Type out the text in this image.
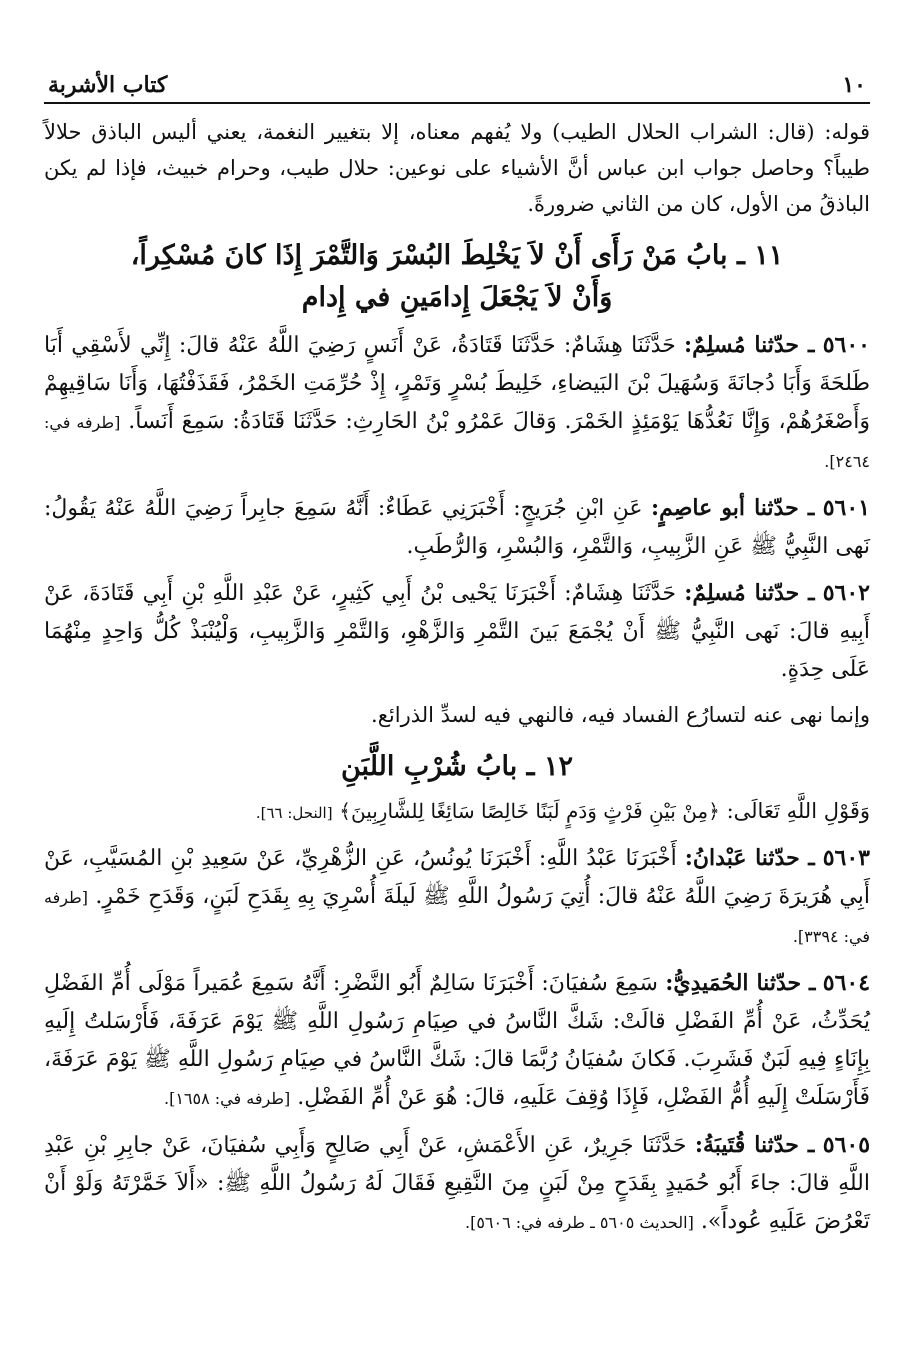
١٠
كتاب الأشربة

قوله: (قال: الشراب الحلال الطيب) ولا يُفهم معناه، إلا بتغيير النغمة، يعني أليس الباذق حلالاً طيباً؟ وحاصل جواب ابن عباس أنَّ الأشياء على نوعين: حلال طيب، وحرام خبيث، فإذا لم يكن الباذقُ من الأول، كان من الثاني ضرورةً.

١١ ـ بابُ مَنْ رَأَى أَنْ لاَ يَخْلِطَ البُسْرَ وَالتَّمْرَ إِذَا كانَ مُسْكِراً،
وَأَنْ لاَ يَجْعَلَ إِدامَينِ في إِدام

٥٦٠٠ ـ حدّثنا مُسلِمٌ: حَدَّثَنَا هِشَامٌ: حَدَّثَنَا قَتَادَةُ، عَنْ أَنَسٍ رَضِيَ اللَّهُ عَنْهُ قالَ: إِنِّي لأَسْقِي أَبَا طَلحَةَ وَأَبَا دُجانَةَ وَسُهَيلَ بْنَ البَيضاءِ، خَلِيطَ بُسْرٍ وَتَمْرٍ، إِذْ حُرِّمَتِ الخَمْرُ، فَقَذَفْتُهَا، وَأَنَا سَاقِيهِمْ وَأَصْغَرُهُمْ، وَإِنَّا نَعُدُّهَا يَوْمَئِذٍ الخَمْرَ. وَقالَ عَمْرُو بْنُ الحَارِثِ: حَدَّثَنَا قَتَادَةُ: سَمِعَ أَنَساً. [طرفه في: ٢٤٦٤].

٥٦٠١ ـ حدّثنا أبو عاصِمٍ: عَنِ ابْنِ جُرَيجٍ: أَخْبَرَنِي عَطَاءٌ: أَنَّهُ سَمِعَ جابِراً رَضِيَ اللَّهُ عَنْهُ يَقُولُ: نَهى النَّبِيُّ ﷺ عَنِ الزَّبِيبِ، وَالتَّمْرِ، وَالبُسْرِ، وَالرُّطَبِ.

٥٦٠٢ ـ حدّثنا مُسلِمٌ: حَدَّثَنَا هِشَامٌ: أَخْبَرَنَا يَحْيى بْنُ أَبِي كَثِيرٍ، عَنْ عَبْدِ اللَّهِ بْنِ أَبِي قَتَادَةَ، عَنْ أَبِيهِ قالَ: نَهى النَّبِيُّ ﷺ أَنْ يُجْمَعَ بَينَ التَّمْرِ وَالزَّهْوِ، وَالتَّمْرِ وَالزَّبِيبِ، وَلْيُنْبَذْ كُلُّ وَاحِدٍ مِنْهُمَا عَلَى حِدَةٍ.

وإنما نهى عنه لتسارُع الفساد فيه، فالنهي فيه لسدِّ الذرائع.

١٢ ـ بابُ شُرْبِ اللَّبَنِ

وَقَوْلِ اللَّهِ تَعَالَى: ﴿مِنْ بَيْنِ فَرْثٍ وَدَمٍ لَبَنًا خَالِصًا سَائِغًا لِلشَّارِبِينَ﴾ [النحل: ٦٦].

٥٦٠٣ ـ حدّثنا عَبْدانُ: أَخْبَرَنَا عَبْدُ اللَّهِ: أَخْبَرَنَا يُونُسُ، عَنِ الزُّهْرِيِّ، عَنْ سَعِيدِ بْنِ المُسَيَّبِ، عَنْ أَبِي هُرَيرَةَ رَضِيَ اللَّهُ عَنْهُ قالَ: أُتِيَ رَسُولُ اللَّهِ ﷺ لَيلَةَ أُسْرِيَ بِهِ بِقَدَحِ لَبَنٍ، وَقَدَحِ خَمْرٍ. [طرفه في: ٣٣٩٤].

٥٦٠٤ ـ حدّثنا الحُمَيدِيُّ: سَمِعَ سُفيَانَ: أَخْبَرَنَا سَالِمٌ أَبُو النَّضْرِ: أَنَّهُ سَمِعَ عُمَيراً مَوْلَى أُمِّ الفَضْلِ يُحَدِّثُ، عَنْ أُمِّ الفَضْلِ قالَتْ: شَكَّ النَّاسُ في صِيَامِ رَسُولِ اللَّهِ ﷺ يَوْمَ عَرَفَةَ، فَأَرْسَلتُ إِلَيهِ بِإِنَاءٍ فِيهِ لَبَنٌ فَشَرِبَ. فَكانَ سُفيَانُ رُبَّمَا قالَ: شَكَّ النَّاسُ في صِيَامِ رَسُولِ اللَّهِ ﷺ يَوْمَ عَرَفَةَ، فَأَرْسَلَتْ إِلَيهِ أُمُّ الفَضْلِ، فَإِذَا وُقِفَ عَلَيهِ، قالَ: هُوَ عَنْ أُمِّ الفَضْلِ. [طرفه في: ١٦٥٨].

٥٦٠٥ ـ حدّثنا قُتَيبَةُ: حَدَّثَنَا جَرِيرٌ، عَنِ الأَعْمَشِ، عَنْ أَبِي صَالِحٍ وَأَبِي سُفيَانَ، عَنْ جابِرِ بْنِ عَبْدِ اللَّهِ قالَ: جاءَ أَبُو حُمَيدٍ بِقَدَحٍ مِنْ لَبَنٍ مِنَ النَّقِيعِ فَقَالَ لَهُ رَسُولُ اللَّهِ ﷺ: «أَلاَ خَمَّرْتَهُ وَلَوْ أَنْ تَعْرُضَ عَلَيهِ عُوداً». [الحديث ٥٦٠٥ ـ طرفه في: ٥٦٠٦].
